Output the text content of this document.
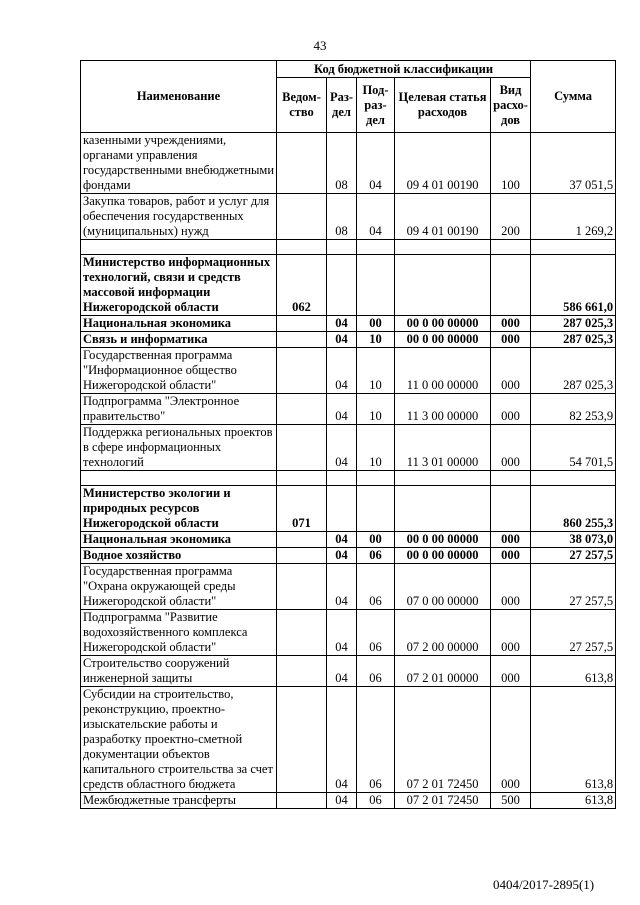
43
Наименование	Код бюджетной классификации					Сумма
	Ведом-ство	Раз-дел	Под-раз-дел	Целевая статья расходов	Вид расхо-дов	
казенными учреждениями, органами управления государственными внебюджетными фондами		08	04	09 4 01 00190	100	37 051,5
Закупка товаров, работ и услуг для обеспечения государственных (муниципальных) нужд		08	04	09 4 01 00190	200	1 269,2

Министерство информационных технологий, связи и средств массовой информации Нижегородской области	062					586 661,0
Национальная экономика		04	00	00 0 00 00000	000	287 025,3
Связь и информатика		04	10	00 0 00 00000	000	287 025,3
Государственная программа "Информационное общество Нижегородской области"		04	10	11 0 00 00000	000	287 025,3
Подпрограмма "Электронное правительство"		04	10	11 3 00 00000	000	82 253,9
Поддержка региональных проектов в сфере информационных технологий		04	10	11 3 01 00000	000	54 701,5

Министерство экологии и природных ресурсов Нижегородской области	071					860 255,3
Национальная экономика		04	00	00 0 00 00000	000	38 073,0
Водное хозяйство		04	06	00 0 00 00000	000	27 257,5
Государственная программа "Охрана окружающей среды Нижегородской области"		04	06	07 0 00 00000	000	27 257,5
Подпрограмма "Развитие водохозяйственного комплекса Нижегородской области"		04	06	07 2 00 00000	000	27 257,5
Строительство сооружений инженерной защиты		04	06	07 2 01 00000	000	613,8
Субсидии на строительство, реконструкцию, проектно-изыскательские работы и разработку проектно-сметной документации объектов капитального строительства за счет средств областного бюджета		04	06	07 2 01 72450	000	613,8
Межбюджетные трансферты		04	06	07 2 01 72450	500	613,8
0404/2017-2895(1)
